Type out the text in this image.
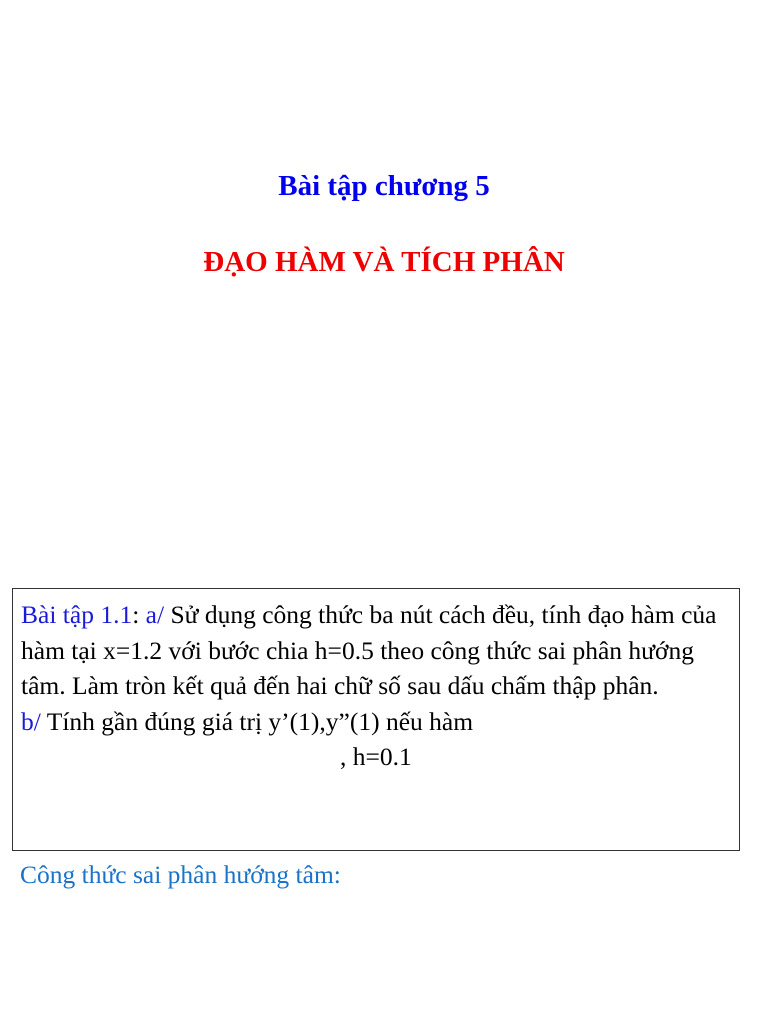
Bài tập chương 5
ĐẠO HÀM VÀ TÍCH PHÂN

Bài tập 1.1: a/ Sử dụng công thức ba nút cách đều, tính đạo hàm của hàm tại x=1.2 với bước chia h=0.5 theo công thức sai phân hướng tâm. Làm tròn kết quả đến hai chữ số sau dấu chấm thập phân.

b/ Tính gần đúng giá trị y’(1),y”(1) nếu hàm

, h=0.1

Công thức sai phân hướng tâm:
